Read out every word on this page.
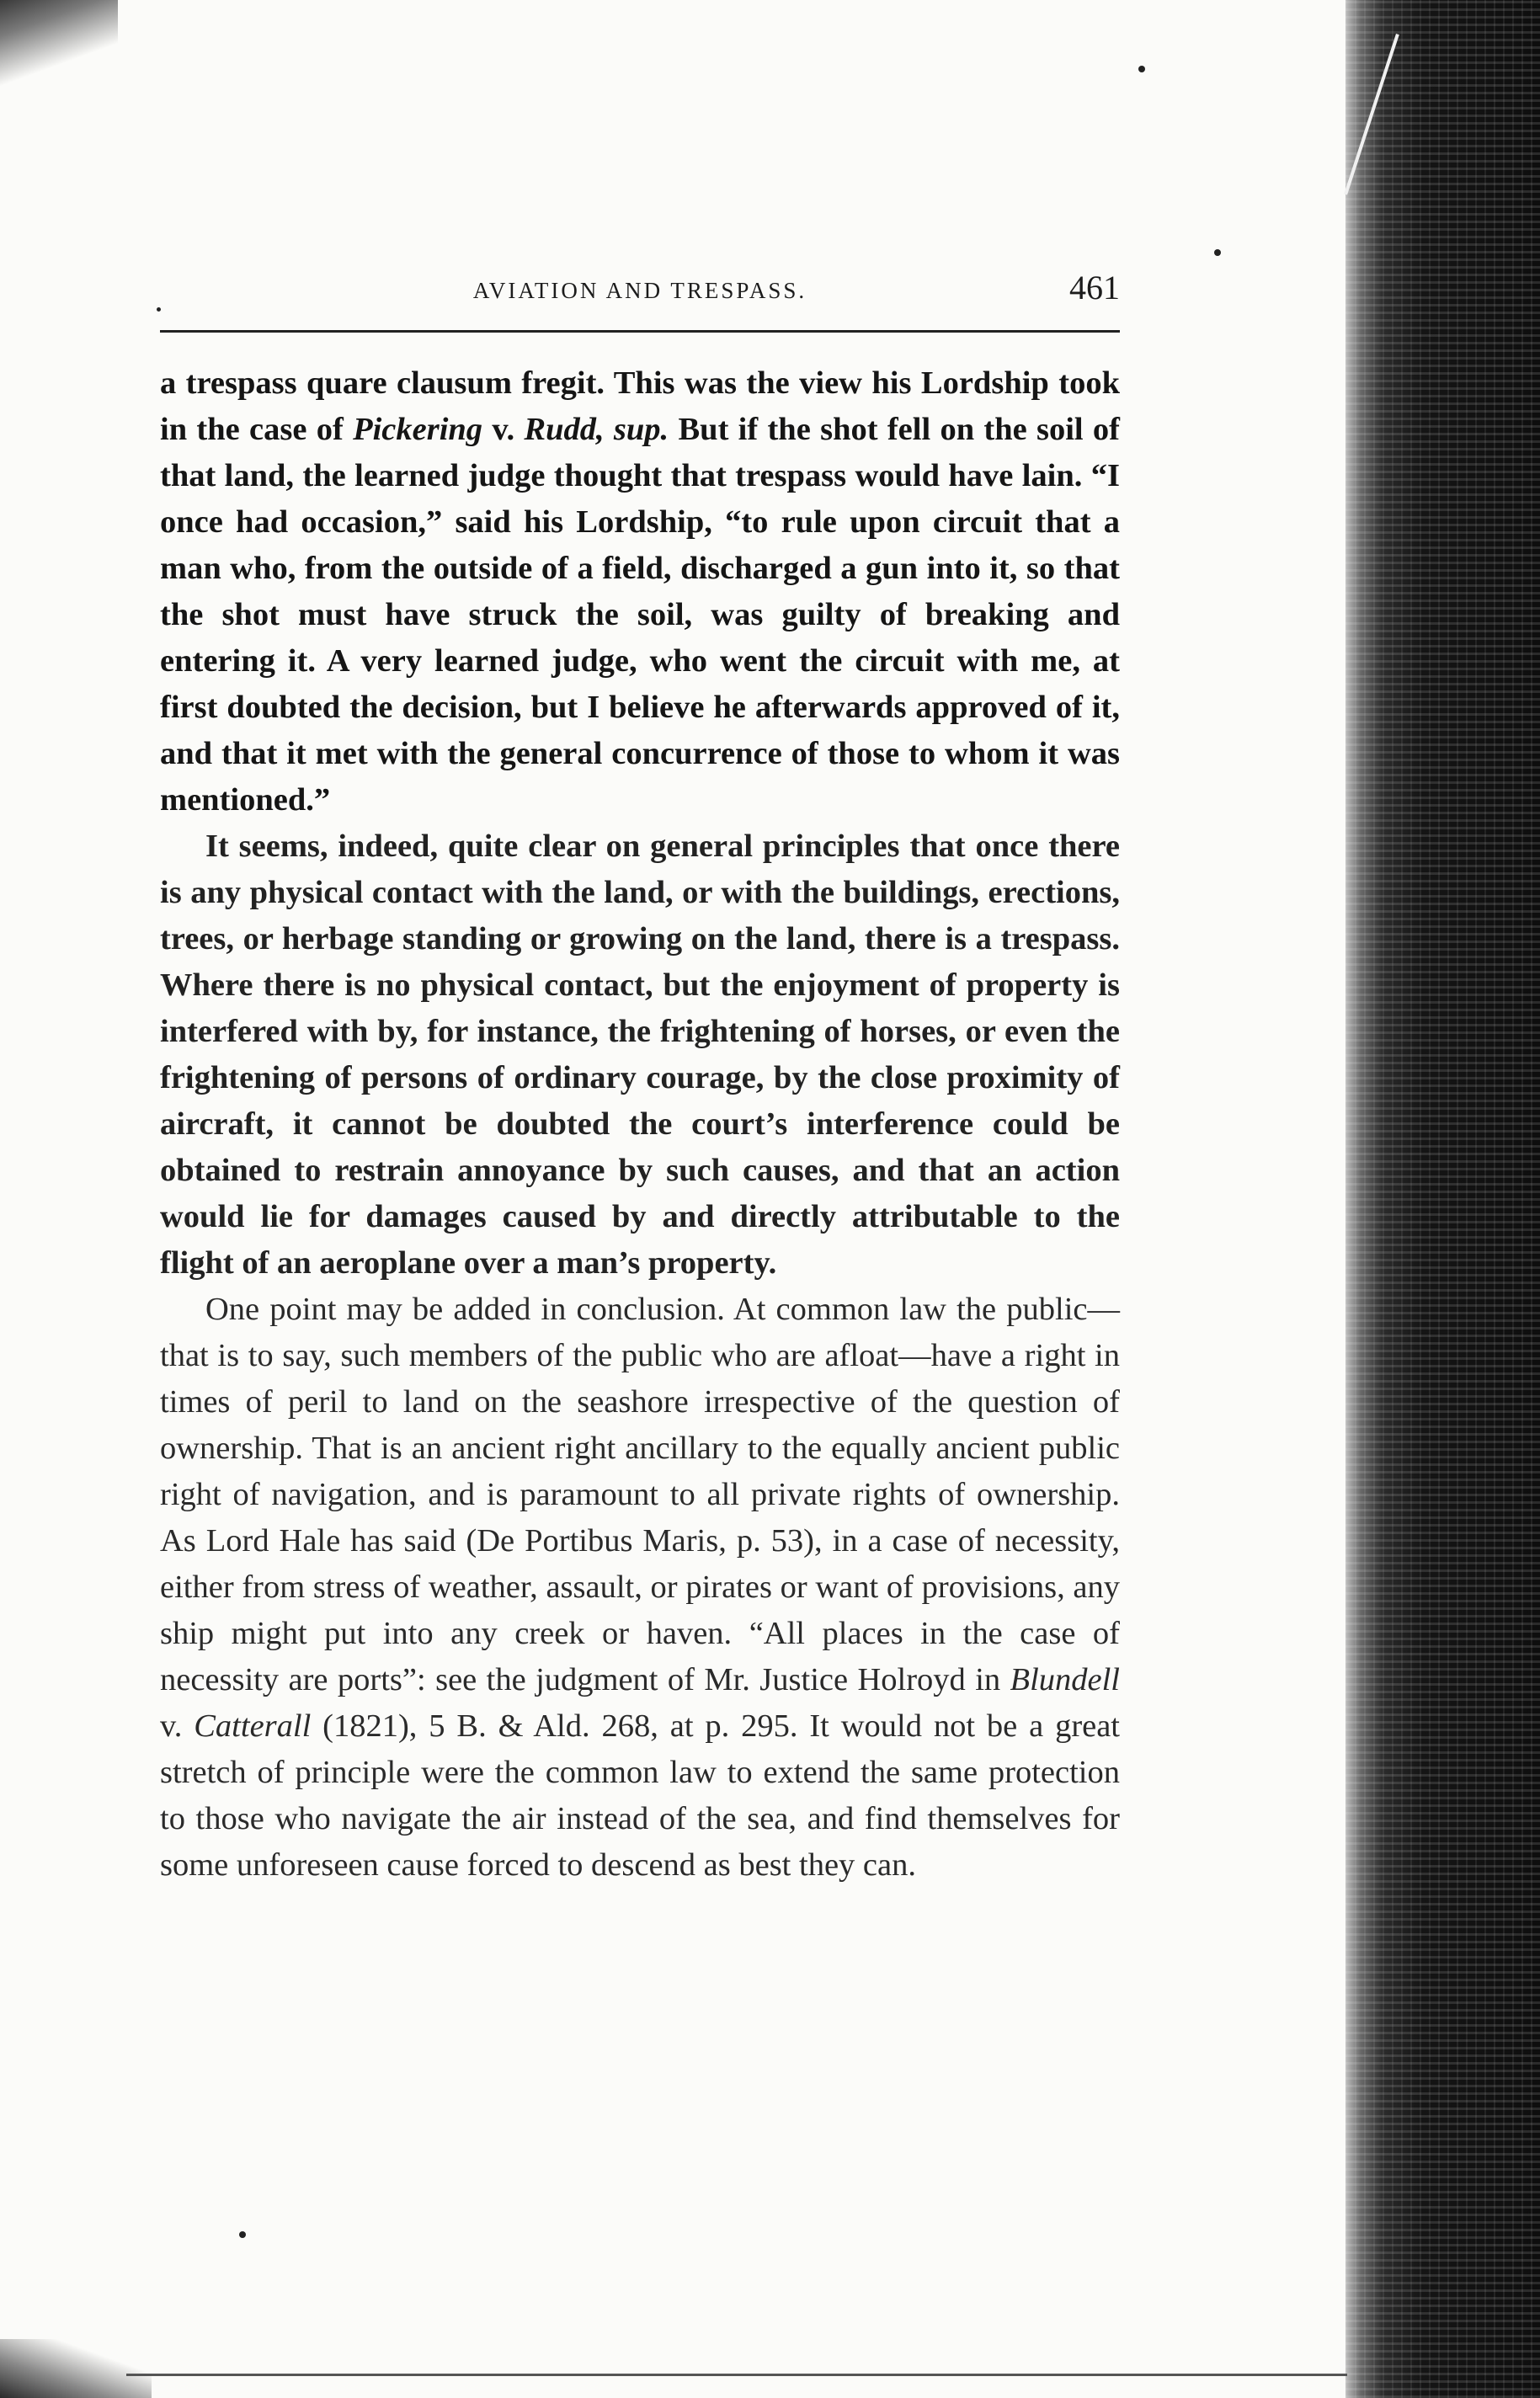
AVIATION AND TRESPASS.	461

a trespass quare clausum fregit. This was the view his Lordship took in the case of Pickering v. Rudd, sup. But if the shot fell on the soil of that land, the learned judge thought that trespass would have lain. “I once had occasion,” said his Lordship, “to rule upon circuit that a man who, from the outside of a field, discharged a gun into it, so that the shot must have struck the soil, was guilty of breaking and entering it. A very learned judge, who went the circuit with me, at first doubted the decision, but I believe he afterwards approved of it, and that it met with the general concurrence of those to whom it was mentioned.”

It seems, indeed, quite clear on general principles that once there is any physical contact with the land, or with the buildings, erections, trees, or herbage standing or growing on the land, there is a trespass. Where there is no physical contact, but the enjoyment of property is interfered with by, for instance, the frightening of horses, or even the frightening of persons of ordinary courage, by the close proximity of aircraft, it cannot be doubted the court’s interference could be obtained to restrain annoyance by such causes, and that an action would lie for damages caused by and directly attributable to the flight of an aeroplane over a man’s property.

One point may be added in conclusion. At common law the public—that is to say, such members of the public who are afloat—have a right in times of peril to land on the seashore irrespective of the question of ownership. That is an ancient right ancillary to the equally ancient public right of navigation, and is paramount to all private rights of ownership. As Lord Hale has said (De Portibus Maris, p. 53), in a case of necessity, either from stress of weather, assault, or pirates or want of provisions, any ship might put into any creek or haven. “All places in the case of necessity are ports”: see the judgment of Mr. Justice Holroyd in Blundell v. Catterall (1821), 5 B. & Ald. 268, at p. 295. It would not be a great stretch of principle were the common law to extend the same protection to those who navigate the air instead of the sea, and find themselves for some unforeseen cause forced to descend as best they can.
